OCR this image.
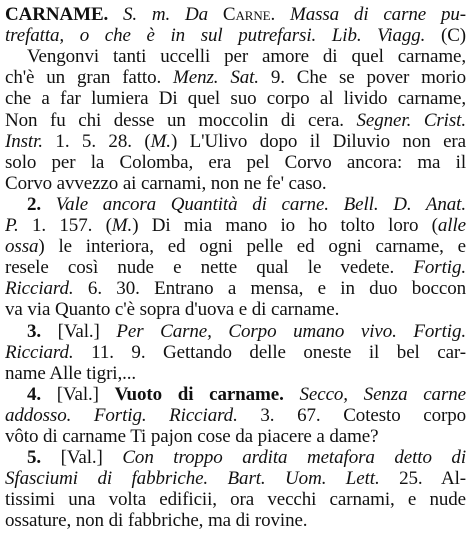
CARNAME. S. m. Da Carne. Massa di carne pu-
trefatta, o che è in sul putrefarsi. Lib. Viagg. (C)
Vengonvi tanti uccelli per amore di quel carname,
ch'è un gran fatto. Menz. Sat. 9. Che se pover morio
che a far lumiera Di quel suo corpo al livido carname,
Non fu chi desse un moccolin di cera. Segner. Crist.
Instr. 1. 5. 28. (M.) L'Ulivo dopo il Diluvio non era
solo per la Colomba, era pel Corvo ancora: ma il
Corvo avvezzo ai carnami, non ne fe' caso.
2. Vale ancora Quantità di carne. Bell. D. Anat.
P. 1. 157. (M.) Di mia mano io ho tolto loro (alle
ossa) le interiora, ed ogni pelle ed ogni carname, e
resele così nude e nette qual le vedete. Fortig.
Ricciard. 6. 30. Entrano a mensa, e in duo boccon
va via Quanto c'è sopra d'uova e di carname.
3. [Val.] Per Carne, Corpo umano vivo. Fortig.
Ricciard. 11. 9. Gettando delle oneste il bel car-
name Alle tigri,...
4. [Val.] Vuoto di carname. Secco, Senza carne
addosso. Fortig. Ricciard. 3. 67. Cotesto corpo
vôto di carname Ti pajon cose da piacere a dame?
5. [Val.] Con troppo ardita metafora detto di
Sfasciumi di fabbriche. Bart. Uom. Lett. 25. Al-
tissimi una volta edificii, ora vecchi carnami, e nude
ossature, non di fabbriche, ma di rovine.
